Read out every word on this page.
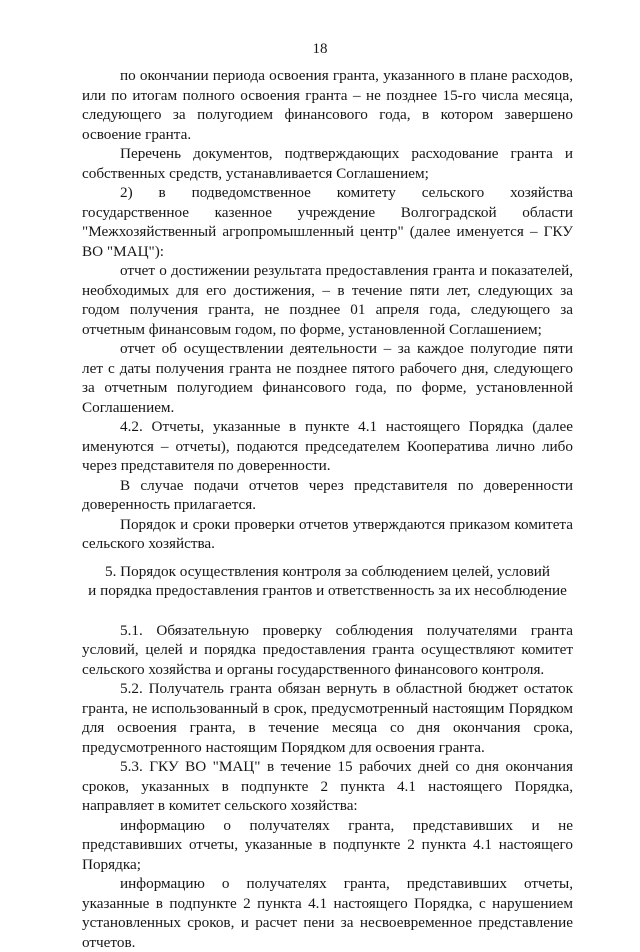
18

по окончании периода освоения гранта, указанного в плане расходов, или по итогам полного освоения гранта – не позднее 15-го числа месяца, следующего за полугодием финансового года, в котором завершено освоение гранта.

Перечень документов, подтверждающих расходование гранта и собственных средств, устанавливается Соглашением;

2) в подведомственное комитету сельского хозяйства государственное казенное учреждение Волгоградской области "Межхозяйственный агропромышленный центр" (далее именуется – ГКУ ВО "МАЦ"):

отчет о достижении результата предоставления гранта и показателей, необходимых для его достижения, – в течение пяти лет, следующих за годом получения гранта, не позднее 01 апреля года, следующего за отчетным финансовым годом, по форме, установленной Соглашением;

отчет об осуществлении деятельности – за каждое полугодие пяти лет с даты получения гранта не позднее пятого рабочего дня, следующего за отчетным полугодием финансового года, по форме, установленной Соглашением.

4.2. Отчеты, указанные в пункте 4.1 настоящего Порядка (далее именуются – отчеты), подаются председателем Кооператива лично либо через представителя по доверенности.

В случае подачи отчетов через представителя по доверенности доверенность прилагается.

Порядок и сроки проверки отчетов утверждаются приказом комитета сельского хозяйства.

5. Порядок осуществления контроля за соблюдением целей, условий
и порядка предоставления грантов и ответственность за их несоблюдение

5.1. Обязательную проверку соблюдения получателями гранта условий, целей и порядка предоставления гранта осуществляют комитет сельского хозяйства и органы государственного финансового контроля.

5.2. Получатель гранта обязан вернуть в областной бюджет остаток гранта, не использованный в срок, предусмотренный настоящим Порядком для освоения гранта, в течение месяца со дня окончания срока, предусмотренного настоящим Порядком для освоения гранта.

5.3. ГКУ ВО "МАЦ" в течение 15 рабочих дней со дня окончания сроков, указанных в подпункте 2 пункта 4.1 настоящего Порядка, направляет в комитет сельского хозяйства:

информацию о получателях гранта, представивших и не представивших отчеты, указанные в подпункте 2 пункта 4.1 настоящего Порядка;

информацию о получателях гранта, представивших отчеты, указанные в подпункте 2 пункта 4.1 настоящего Порядка, с нарушением установленных сроков, и расчет пени за несвоевременное представление отчетов.
